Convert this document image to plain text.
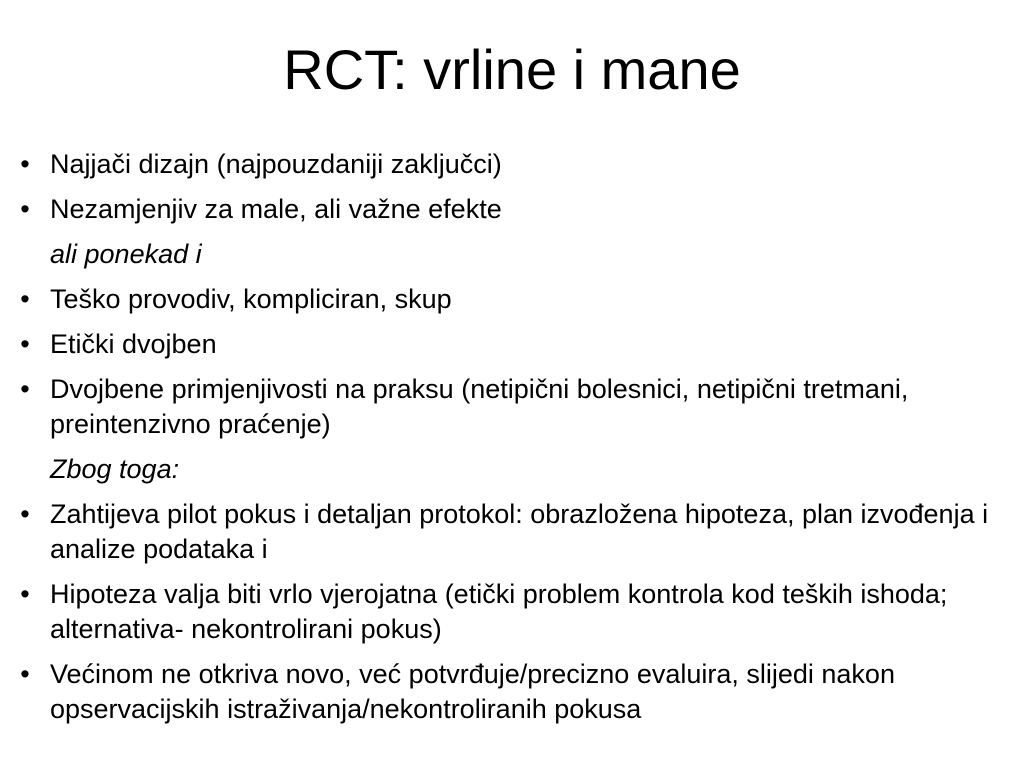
RCT: vrline i mane
• Najjači dizajn (najpouzdaniji zaključci)
• Nezamjenjiv za male, ali važne efekte
ali ponekad i
• Teško provodiv, kompliciran, skup
• Etički dvojben
• Dvojbene primjenjivosti na praksu (netipični bolesnici, netipični tretmani, preintenzivno praćenje)
Zbog toga:
• Zahtijeva pilot pokus i detaljan protokol: obrazložena hipoteza, plan izvođenja i analize podataka i
• Hipoteza valja biti vrlo vjerojatna (etički problem kontrola kod teških ishoda; alternativa- nekontrolirani pokus)
• Većinom ne otkriva novo, već potvrđuje/precizno evaluira, slijedi nakon opservacijskih istraživanja/nekontroliranih pokusa
